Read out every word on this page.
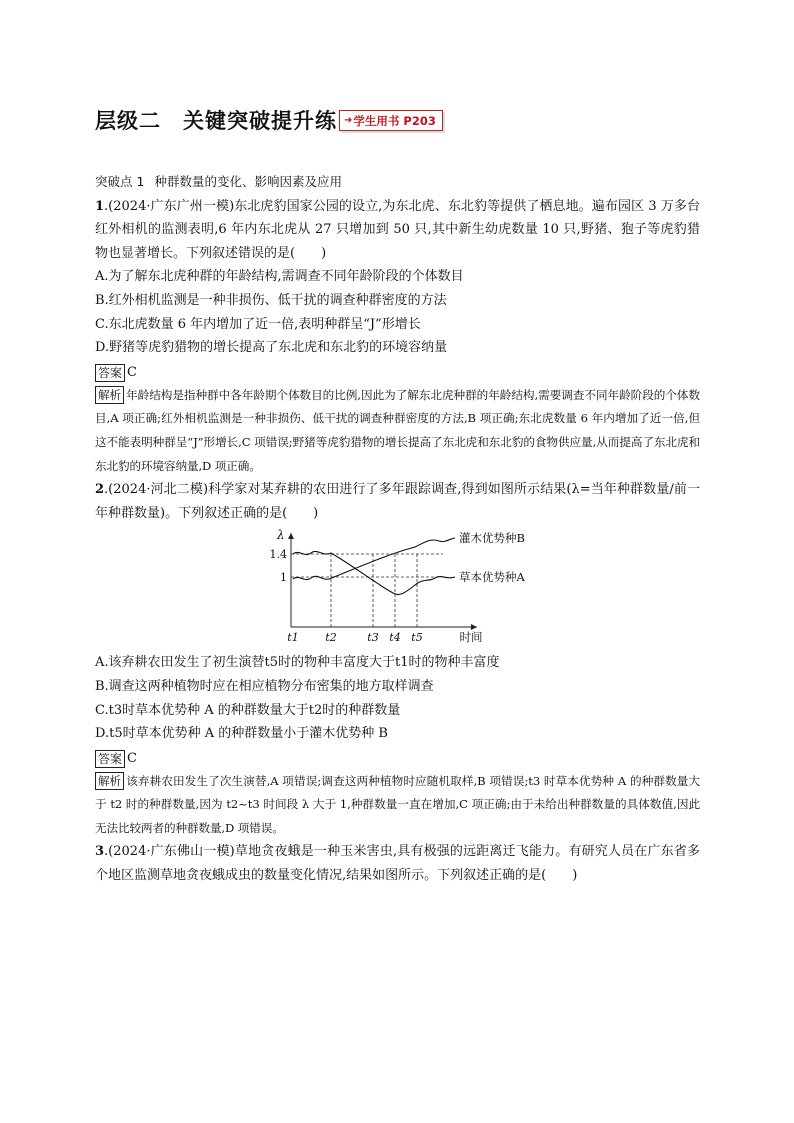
层级二　关键突破提升练 ➜ 学生用书 P203
突破点 1 种群数量的变化、影响因素及应用

1.(2024·广东广州一模)东北虎豹国家公园的设立,为东北虎、东北豹等提供了栖息地。遍布园区 3 万多台红外相机的监测表明,6 年内东北虎从 27 只增加到 50 只,其中新生幼虎数量 10 只,野猪、狍子等虎豹猎物也显著增长。下列叙述错误的是(　　)

A.为了解东北虎种群的年龄结构,需调查不同年龄阶段的个体数目

B.红外相机监测是一种非损伤、低干扰的调查种群密度的方法

C.东北虎数量 6 年内增加了近一倍,表明种群呈“J”形增长

D.野猪等虎豹猎物的增长提高了东北虎和东北豹的环境容纳量

答案 C

解析 年龄结构是指种群中各年龄期个体数目的比例,因此为了解东北虎种群的年龄结构,需要调查不同年龄阶段的个体数目,A 项正确;红外相机监测是一种非损伤、低干扰的调查种群密度的方法,B 项正确;东北虎数量 6 年内增加了近一倍,但这不能表明种群呈“J”形增长,C 项错误;野猪等虎豹猎物的增长提高了东北虎和东北豹的食物供应量,从而提高了东北虎和东北豹的环境容纳量,D 项正确。

2.(2024·河北二模)科学家对某弃耕的农田进行了多年跟踪调查,得到如图所示结果(λ=当年种群数量/前一年种群数量)。下列叙述正确的是(　　)

1.4
1
λ
t1 t2	t3 t4 t5	时间
灌木优势种B
草本优势种A

A.该弃耕农田发生了初生演替t5时的物种丰富度大于t1时的物种丰富度

B.调查这两种植物时应在相应植物分布密集的地方取样调查

C.t3时草本优势种 A 的种群数量大于t2时的种群数量

D.t5时草本优势种 A 的种群数量小于灌木优势种 B

答案 C

解析 该弃耕农田发生了次生演替,A 项错误;调查这两种植物时应随机取样,B 项错误;t3 时草本优势种 A 的种群数量大于 t2 时的种群数量,因为 t2~t3 时间段 λ 大于 1,种群数量一直在增加,C 项正确;由于未给出种群数量的具体数值,因此无法比较两者的种群数量,D 项错误。

3.(2024·广东佛山一模)草地贪夜蛾是一种玉米害虫,具有极强的远距离迁飞能力。有研究人员在广东省多个地区监测草地贪夜蛾成虫的数量变化情况,结果如图所示。下列叙述正确的是(　　)
